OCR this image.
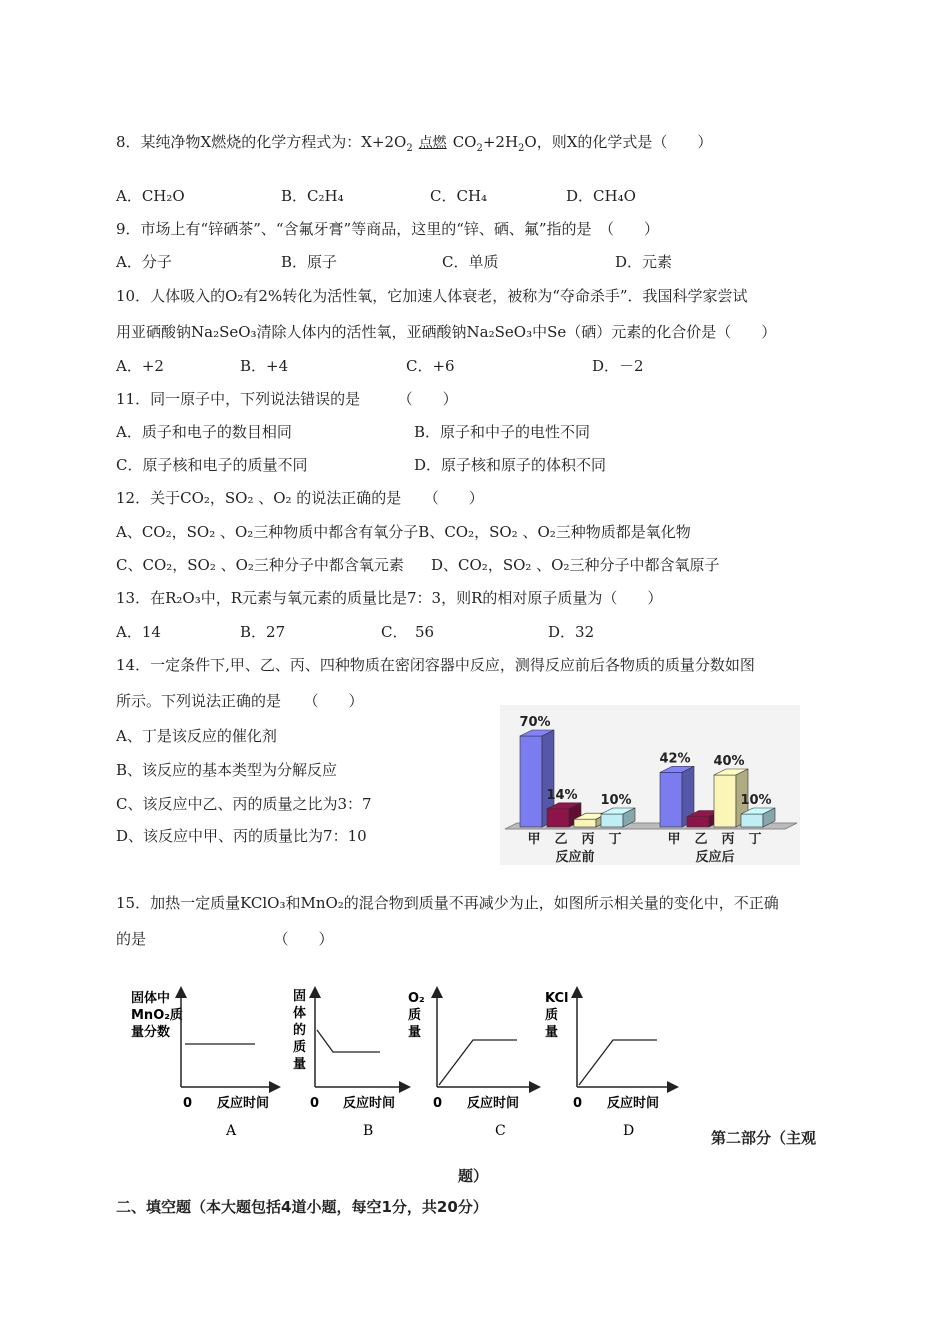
8．某纯净物X燃烧的化学方程式为：$X+2O_2$ 点燃 $CO_2+2H_2O$，则X的化学式是（　　）
A．CH₂O	B．C₂H₄	C．CH₄	D．CH₄O
9．市场上有“锌硒茶”、“含氟牙膏”等商品，这里的“锌、硒、氟”指的是　（　　）
A．分子	B．原子	C．单质	D．元素
10．人体吸入的O₂有2%转化为活性氧，它加速人体衰老，被称为“夺命杀手”．我国科学家尝试
用亚硒酸钠Na₂SeO₃清除人体内的活性氧，亚硒酸钠Na₂SeO₃中Se（硒）元素的化合价是（　　）
A．+2	B．+4	C．+6	D．－2
11．同一原子中，下列说法错误的是　　　（　　）
A．质子和电子的数目相同	B．原子和中子的电性不同
C．原子核和电子的质量不同	D．原子核和原子的体积不同
12．关于CO₂，SO₂ 、O₂ 的说法正确的是　　（　　）
A、CO₂，SO₂ 、O₂三种物质中都含有氧分子B、CO₂，SO₂ 、O₂三种物质都是氧化物
C、CO₂，SO₂ 、O₂三种分子中都含氧元素 D、CO₂，SO₂ 、O₂三种分子中都含氧原子
13．在R₂O₃中，R元素与氧元素的质量比是7：3，则R的相对原子质量为（　　）
A．14	B．27	C．　56	D．32
14．一定条件下,甲、乙、丙、四种物质在密闭容器中反应，测得反应前后各物质的质量分数如图
所示。下列说法正确的是　　（　　）
A、丁是该反应的催化剂
B、该反应的基本类型为分解反应
C、该反应中乙、丙的质量之比为3：7
D、该反应中甲、丙的质量比为7：10
70%
甲
14%
乙 丙
10%
丁
反应前
42%
甲 乙
40%
丙
10%
丁
反应后
15．加热一定质量KClO₃和MnO₂的混合物到质量不再减少为止，如图所示相关量的变化中，不正确
的是　　　　　　　　　（　　）
固体中
MnO₂质
量分数
0 反应时间
A
固
体
的
质
量
0 反应时间
B
O₂
质
量
0 反应时间
C
KCl
质
量
0 反应时间
D	第二部分（主观
题）
二、填空题（本大题包括4道小题，每空1分，共20分）
